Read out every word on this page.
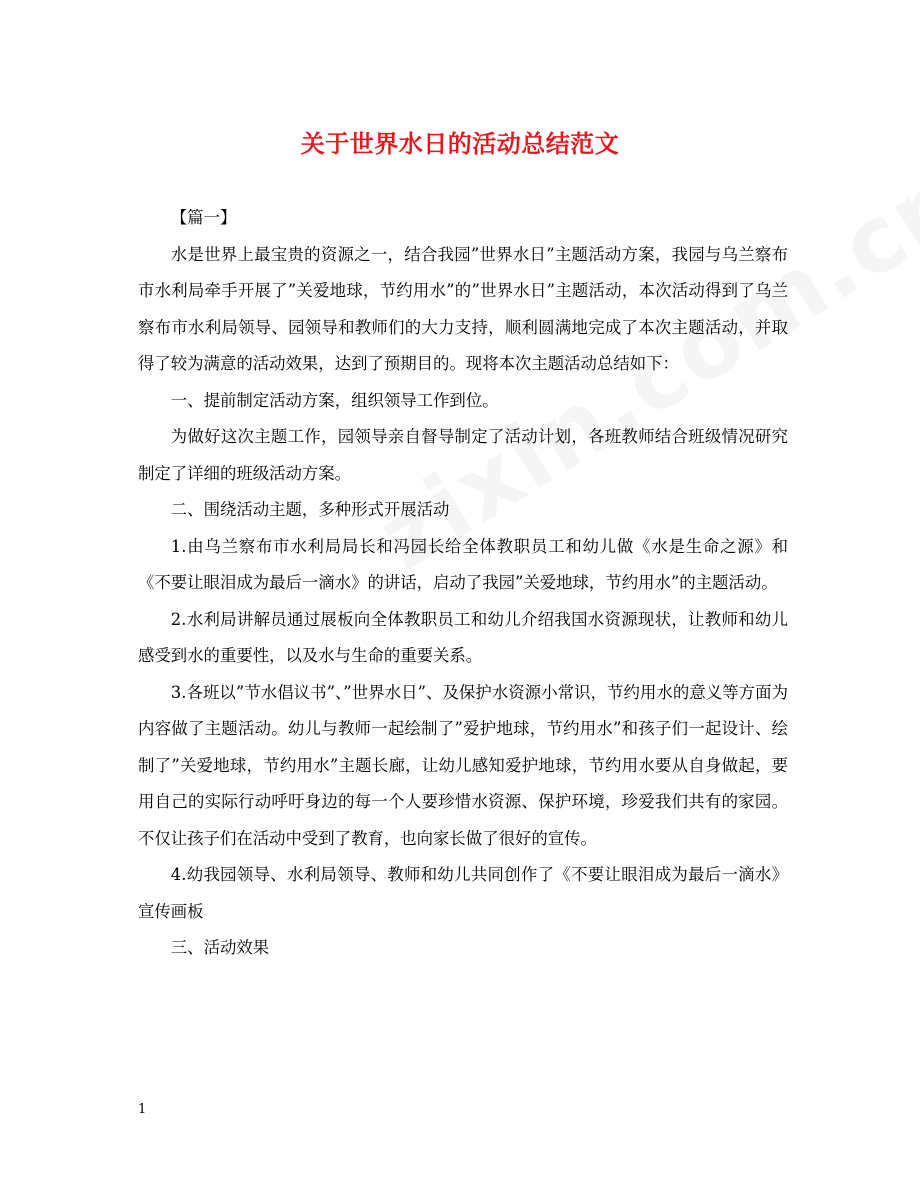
关于世界水日的活动总结范文

【篇一】

水是世界上最宝贵的资源之一，结合我园”世界水日”主题活动方案，我园与乌兰察布市水利局牵手开展了”关爱地球，节约用水”的”世界水日”主题活动，本次活动得到了乌兰察布市水利局领导、园领导和教师们的大力支持，顺利圆满地完成了本次主题活动，并取得了较为满意的活动效果，达到了预期目的。现将本次主题活动总结如下：

一、提前制定活动方案，组织领导工作到位。

为做好这次主题工作，园领导亲自督导制定了活动计划，各班教师结合班级情况研究制定了详细的班级活动方案。

二、围绕活动主题，多种形式开展活动

1.由乌兰察布市水利局局长和冯园长给全体教职员工和幼儿做《水是生命之源》和《不要让眼泪成为最后一滴水》的讲话，启动了我园”关爱地球，节约用水”的主题活动。

2.水利局讲解员通过展板向全体教职员工和幼儿介绍我国水资源现状，让教师和幼儿感受到水的重要性，以及水与生命的重要关系。

3.各班以”节水倡议书”、”世界水日”、及保护水资源小常识，节约用水的意义等方面为内容做了主题活动。幼儿与教师一起绘制了”爱护地球，节约用水”和孩子们一起设计、绘制了”关爱地球，节约用水”主题长廊，让幼儿感知爱护地球，节约用水要从自身做起，要用自己的实际行动呼吁身边的每一个人要珍惜水资源、保护环境，珍爱我们共有的家园。不仅让孩子们在活动中受到了教育，也向家长做了很好的宣传。

4.幼我园领导、水利局领导、教师和幼儿共同创作了《不要让眼泪成为最后一滴水》宣传画板

三、活动效果

1
